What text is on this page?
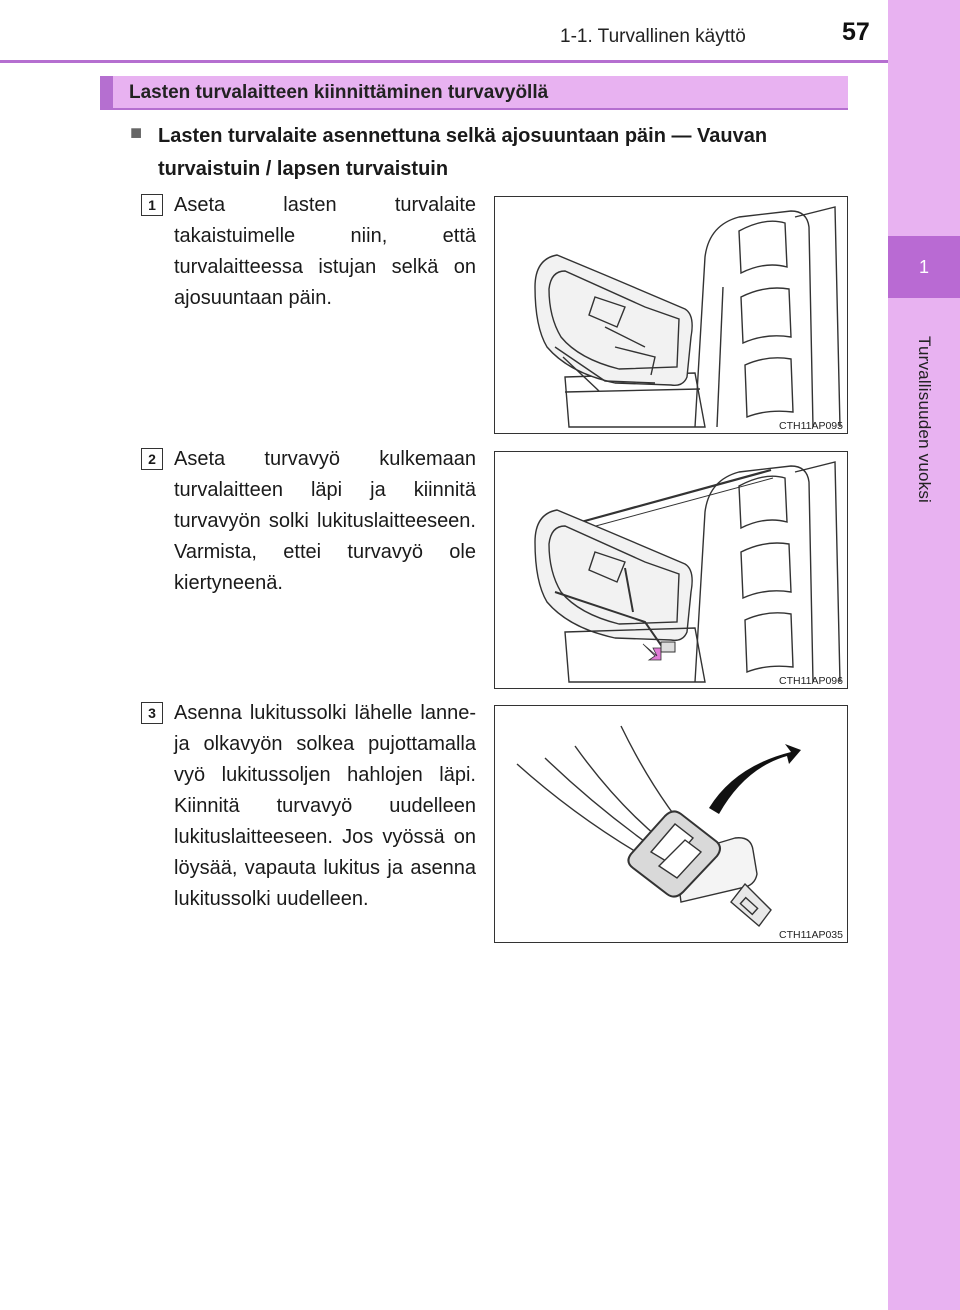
1
Turvallisuuden vuoksi
1-1. Turvallinen käyttö	57
Lasten turvalaitteen kiinnittäminen turvavyöllä
■ Lasten turvalaite asennettuna selkä ajosuuntaan päin — Vauvan turvaistuin / lapsen turvaistuin
1 Aseta lasten turvalaite takaistuimelle niin, että turvalaitteessa istujan selkä on ajosuuntaan päin.
CTH11AP095
2 Aseta turvavyö kulkemaan turvalaitteen läpi ja kiinnitä turvavyön solki lukituslaitteeseen. Varmista, ettei turvavyö ole kiertyneenä.
CTH11AP096
3 Asenna lukitussolki lähelle lanne- ja olkavyön solkea pujottamalla vyö lukitussoljen hahlojen läpi. Kiinnitä turvavyö uudelleen lukituslaitteeseen. Jos vyössä on löysää, vapauta lukitus ja asenna lukitussolki uudelleen.
CTH11AP035
